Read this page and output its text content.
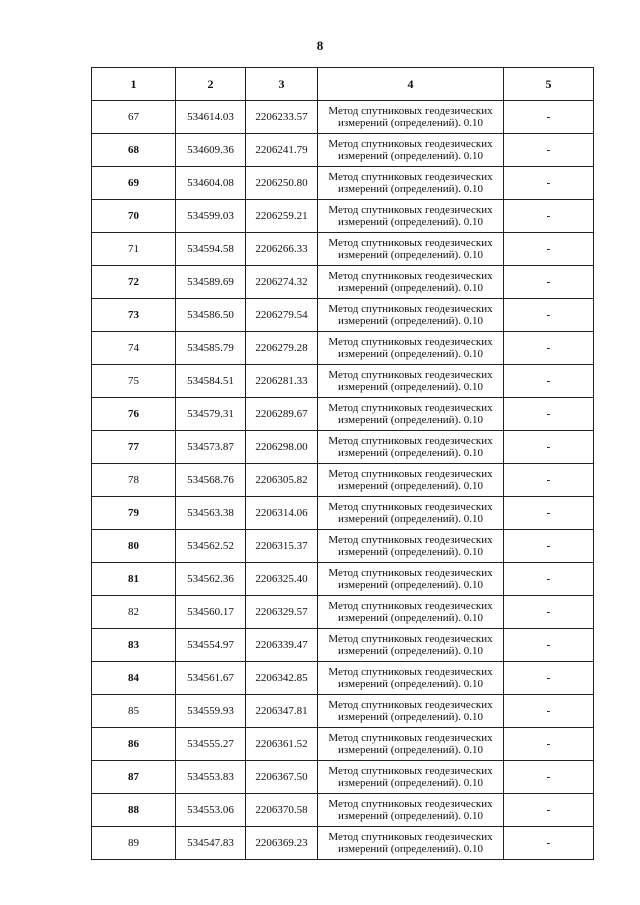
8
1	2	3	4	5
67	534614.03	2206233.57	Метод спутниковых геодезических
измерений (определений). 0.10	-
68	534609.36	2206241.79	Метод спутниковых геодезических
измерений (определений). 0.10	-
69	534604.08	2206250.80	Метод спутниковых геодезических
измерений (определений). 0.10	-
70	534599.03	2206259.21	Метод спутниковых геодезических
измерений (определений). 0.10	-
71	534594.58	2206266.33	Метод спутниковых геодезических
измерений (определений). 0.10	-
72	534589.69	2206274.32	Метод спутниковых геодезических
измерений (определений). 0.10	-
73	534586.50	2206279.54	Метод спутниковых геодезических
измерений (определений). 0.10	-
74	534585.79	2206279.28	Метод спутниковых геодезических
измерений (определений). 0.10	-
75	534584.51	2206281.33	Метод спутниковых геодезических
измерений (определений). 0.10	-
76	534579.31	2206289.67	Метод спутниковых геодезических
измерений (определений). 0.10	-
77	534573.87	2206298.00	Метод спутниковых геодезических
измерений (определений). 0.10	-
78	534568.76	2206305.82	Метод спутниковых геодезических
измерений (определений). 0.10	-
79	534563.38	2206314.06	Метод спутниковых геодезических
измерений (определений). 0.10	-
80	534562.52	2206315.37	Метод спутниковых геодезических
измерений (определений). 0.10	-
81	534562.36	2206325.40	Метод спутниковых геодезических
измерений (определений). 0.10	-
82	534560.17	2206329.57	Метод спутниковых геодезических
измерений (определений). 0.10	-
83	534554.97	2206339.47	Метод спутниковых геодезических
измерений (определений). 0.10	-
84	534561.67	2206342.85	Метод спутниковых геодезических
измерений (определений). 0.10	-
85	534559.93	2206347.81	Метод спутниковых геодезических
измерений (определений). 0.10	-
86	534555.27	2206361.52	Метод спутниковых геодезических
измерений (определений). 0.10	-
87	534553.83	2206367.50	Метод спутниковых геодезических
измерений (определений). 0.10	-
88	534553.06	2206370.58	Метод спутниковых геодезических
измерений (определений). 0.10	-
89	534547.83	2206369.23	Метод спутниковых геодезических
измерений (определений). 0.10	-
